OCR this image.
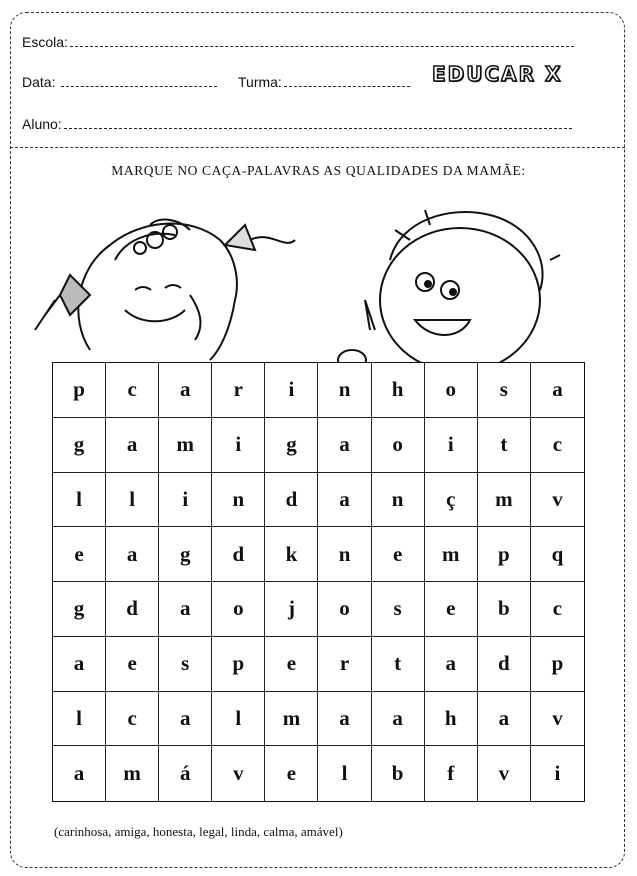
Escola:
Data:	Turma:	EDUCAR X
Aluno:
MARQUE NO CAÇA-PALAVRAS AS QUALIDADES DA MAMÃE:
p	c	a	r	i	n	h	o	s	a
g	a	m	i	g	a	o	i	t	c
l	l	i	n	d	a	n	ç	m	v
e	a	g	d	k	n	e	m	p	q
g	d	a	o	j	o	s	e	b	c
a	e	s	p	e	r	t	a	d	p
l	c	a	l	m	a	a	h	a	v
a	m	á	v	e	l	b	f	v	i
(carinhosa, amiga, honesta, legal, linda, calma, amável)
